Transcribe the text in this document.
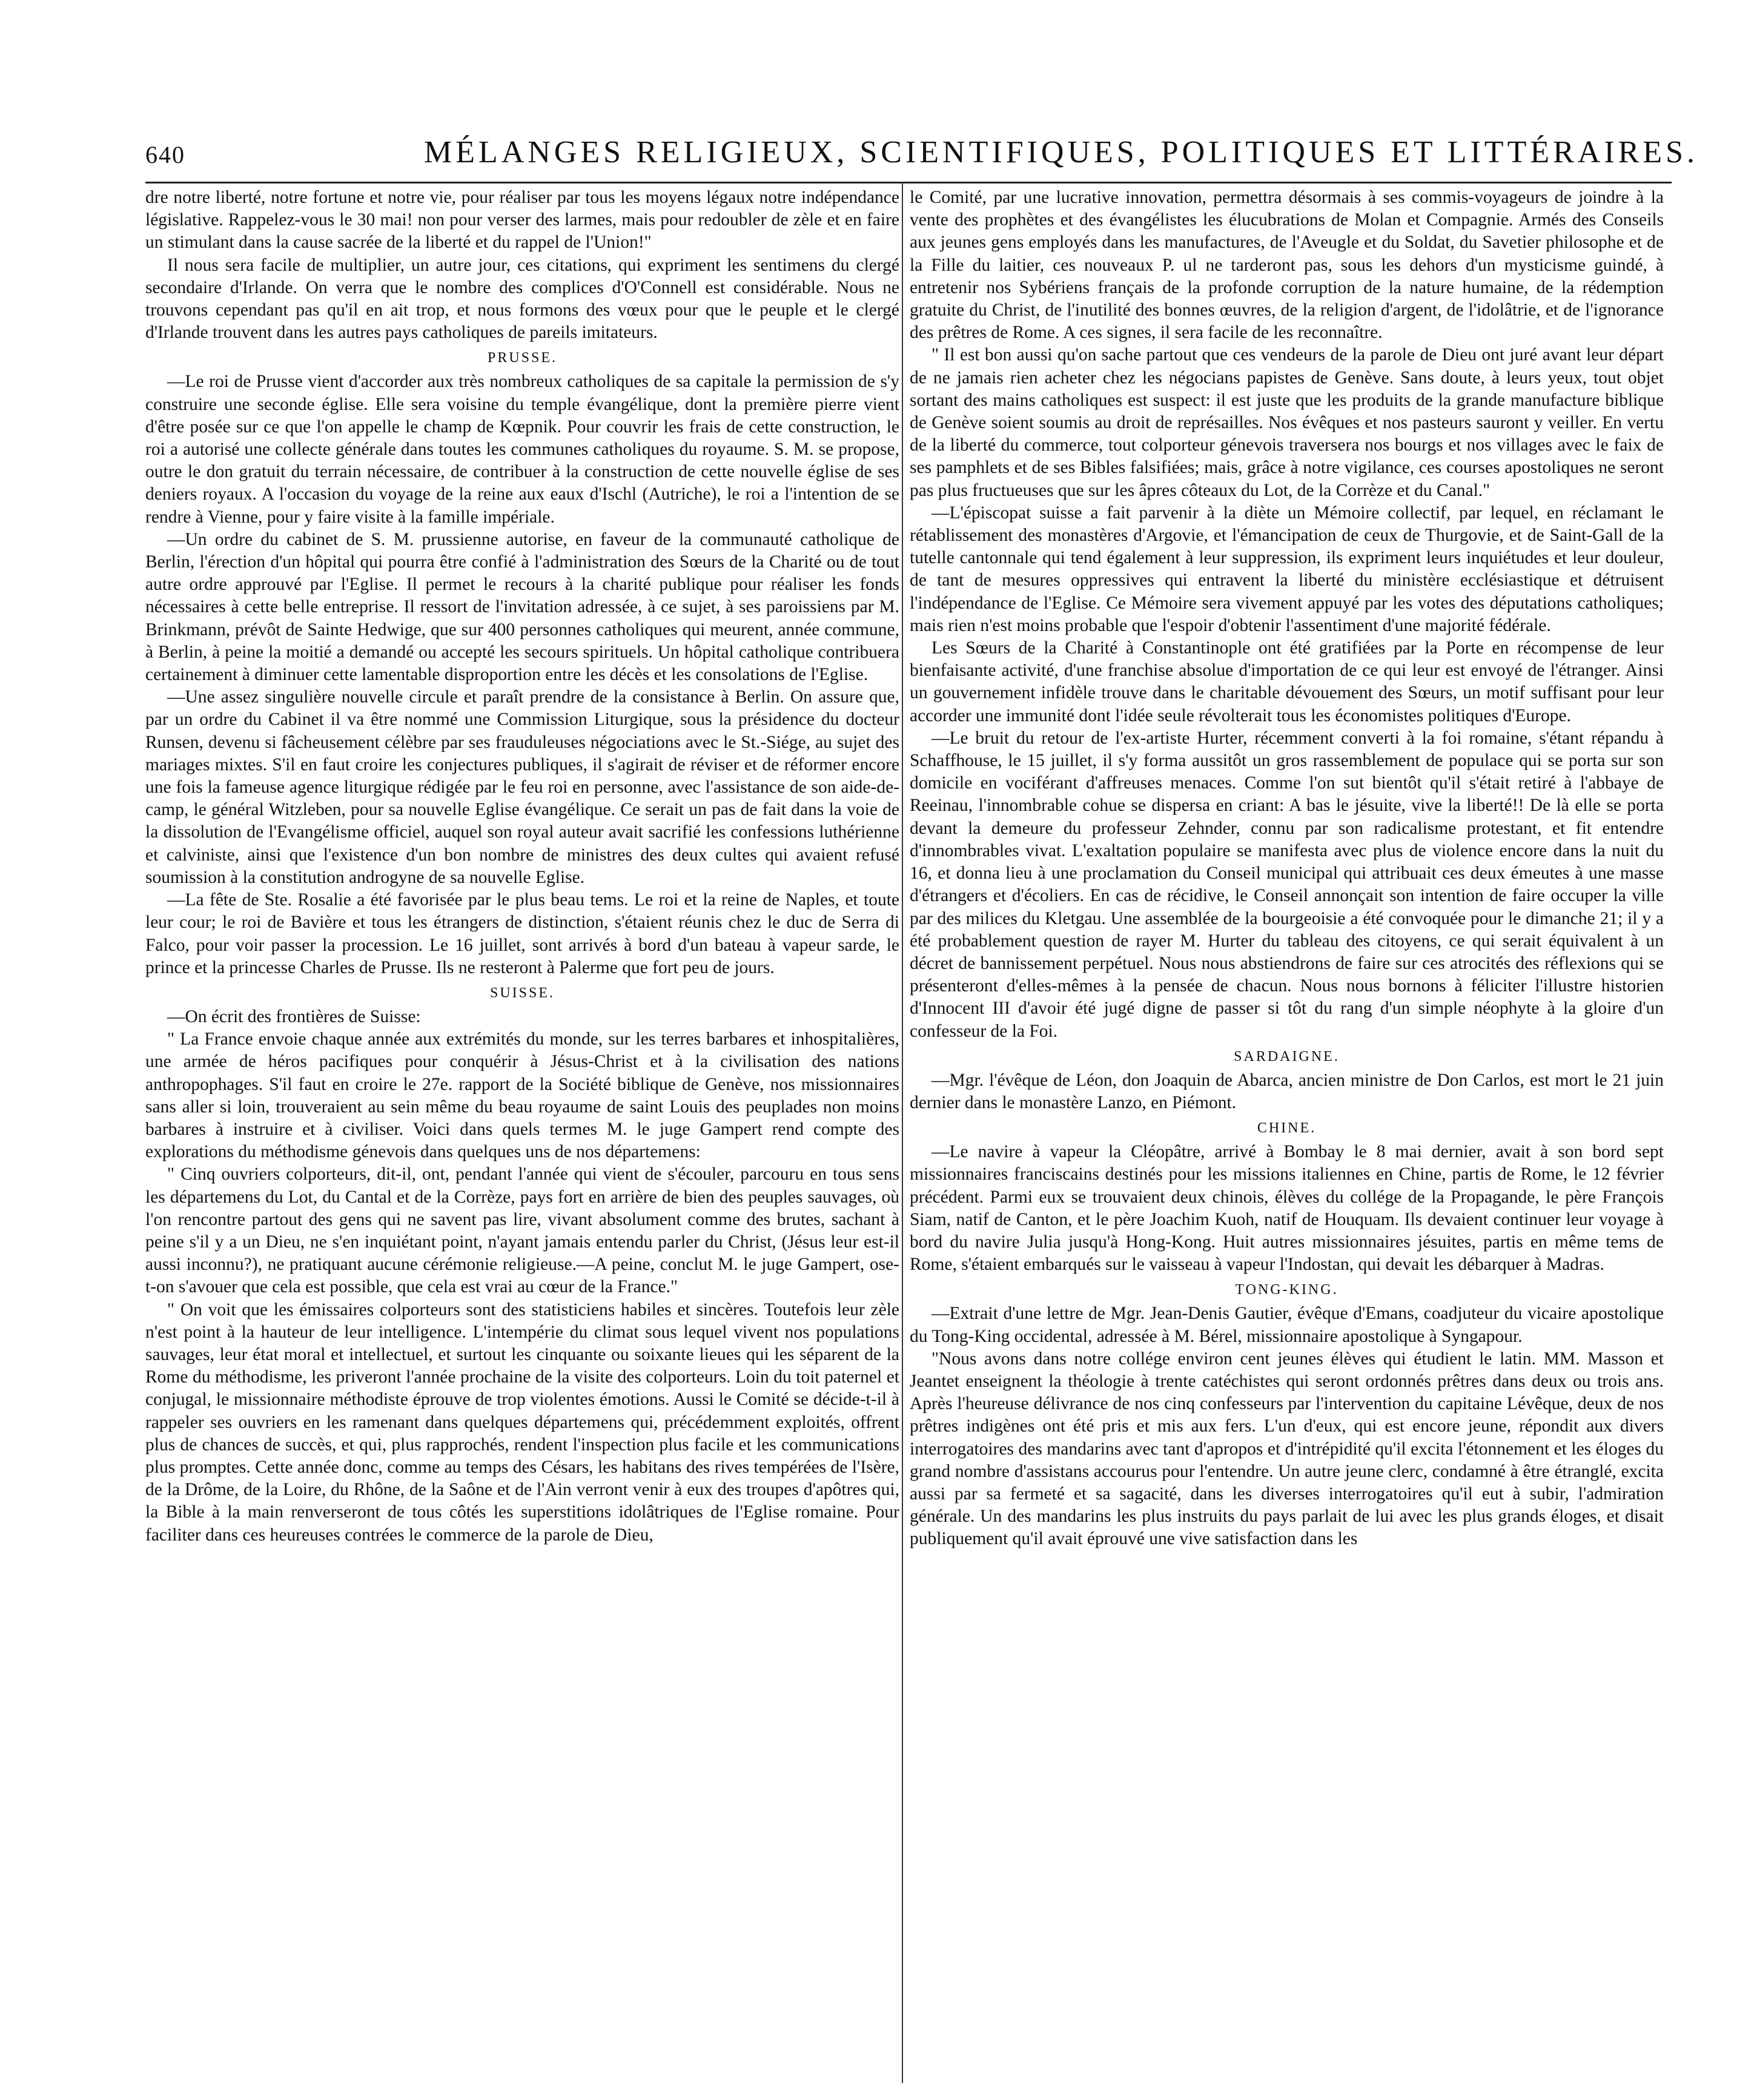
640	MÉLANGES RELIGIEUX, SCIENTIFIQUES, POLITIQUES ET LITTÉRAIRES.

dre notre liberté, notre fortune et notre vie, pour réaliser par tous les moyens légaux notre indépendance législative. Rappelez-vous le 30 mai! non pour verser des larmes, mais pour redoubler de zèle et en faire un stimulant dans la cause sacrée de la liberté et du rappel de l'Union!"

Il nous sera facile de multiplier, un autre jour, ces citations, qui expriment les sentimens du clergé secondaire d'Irlande. On verra que le nombre des complices d'O'Connell est considérable. Nous ne trouvons cependant pas qu'il en ait trop, et nous formons des vœux pour que le peuple et le clergé d'Irlande trouvent dans les autres pays catholiques de pareils imitateurs.

PRUSSE.

—Le roi de Prusse vient d'accorder aux très nombreux catholiques de sa capitale la permission de s'y construire une seconde église. Elle sera voisine du temple évangélique, dont la première pierre vient d'être posée sur ce que l'on appelle le champ de Kœpnik. Pour couvrir les frais de cette construction, le roi a autorisé une collecte générale dans toutes les communes catholiques du royaume. S. M. se propose, outre le don gratuit du terrain nécessaire, de contribuer à la construction de cette nouvelle église de ses deniers royaux. A l'occasion du voyage de la reine aux eaux d'Ischl (Autriche), le roi a l'intention de se rendre à Vienne, pour y faire visite à la famille impériale.

—Un ordre du cabinet de S. M. prussienne autorise, en faveur de la communauté catholique de Berlin, l'érection d'un hôpital qui pourra être confié à l'administration des Sœurs de la Charité ou de tout autre ordre approuvé par l'Eglise. Il permet le recours à la charité publique pour réaliser les fonds nécessaires à cette belle entreprise. Il ressort de l'invitation adressée, à ce sujet, à ses paroissiens par M. Brinkmann, prévôt de Sainte Hedwige, que sur 400 personnes catholiques qui meurent, année commune, à Berlin, à peine la moitié a demandé ou accepté les secours spirituels. Un hôpital catholique contribuera certainement à diminuer cette lamentable disproportion entre les décès et les consolations de l'Eglise.

—Une assez singulière nouvelle circule et paraît prendre de la consistance à Berlin. On assure que, par un ordre du Cabinet il va être nommé une Commission Liturgique, sous la présidence du docteur Runsen, devenu si fâcheusement célèbre par ses frauduleuses négociations avec le St.-Siége, au sujet des mariages mixtes. S'il en faut croire les conjectures publiques, il s'agirait de réviser et de réformer encore une fois la fameuse agence liturgique rédigée par le feu roi en personne, avec l'assistance de son aide-de-camp, le général Witzleben, pour sa nouvelle Eglise évangélique. Ce serait un pas de fait dans la voie de la dissolution de l'Evangélisme officiel, auquel son royal auteur avait sacrifié les confessions luthérienne et calviniste, ainsi que l'existence d'un bon nombre de ministres des deux cultes qui avaient refusé soumission à la constitution androgyne de sa nouvelle Eglise.

—La fête de Ste. Rosalie a été favorisée par le plus beau tems. Le roi et la reine de Naples, et toute leur cour; le roi de Bavière et tous les étrangers de distinction, s'étaient réunis chez le duc de Serra di Falco, pour voir passer la procession. Le 16 juillet, sont arrivés à bord d'un bateau à vapeur sarde, le prince et la princesse Charles de Prusse. Ils ne resteront à Palerme que fort peu de jours.

SUISSE.

—On écrit des frontières de Suisse:

" La France envoie chaque année aux extrémités du monde, sur les terres barbares et inhospitalières, une armée de héros pacifiques pour conquérir à Jésus-Christ et à la civilisation des nations anthropophages. S'il faut en croire le 27e. rapport de la Société biblique de Genève, nos missionnaires sans aller si loin, trouveraient au sein même du beau royaume de saint Louis des peuplades non moins barbares à instruire et à civiliser. Voici dans quels termes M. le juge Gampert rend compte des explorations du méthodisme génevois dans quelques uns de nos départemens:

" Cinq ouvriers colporteurs, dit-il, ont, pendant l'année qui vient de s'écouler, parcouru en tous sens les départemens du Lot, du Cantal et de la Corrèze, pays fort en arrière de bien des peuples sauvages, où l'on rencontre partout des gens qui ne savent pas lire, vivant absolument comme des brutes, sachant à peine s'il y a un Dieu, ne s'en inquiétant point, n'ayant jamais entendu parler du Christ, (Jésus leur est-il aussi inconnu?), ne pratiquant aucune cérémonie religieuse.—A peine, conclut M. le juge Gampert, ose-t-on s'avouer que cela est possible, que cela est vrai au cœur de la France."

" On voit que les émissaires colporteurs sont des statisticiens habiles et sincères. Toutefois leur zèle n'est point à la hauteur de leur intelligence. L'intempérie du climat sous lequel vivent nos populations sauvages, leur état moral et intellectuel, et surtout les cinquante ou soixante lieues qui les séparent de la Rome du méthodisme, les priveront l'année prochaine de la visite des colporteurs. Loin du toit paternel et conjugal, le missionnaire méthodiste éprouve de trop violentes émotions. Aussi le Comité se décide-t-il à rappeler ses ouvriers en les ramenant dans quelques départemens qui, précédemment exploités, offrent plus de chances de succès, et qui, plus rapprochés, rendent l'inspection plus facile et les communications plus promptes. Cette année donc, comme au temps des Césars, les habitans des rives tempérées de l'Isère, de la Drôme, de la Loire, du Rhône, de la Saône et de l'Ain verront venir à eux des troupes d'apôtres qui, la Bible à la main renverseront de tous côtés les superstitions idolâtriques de l'Eglise romaine. Pour faciliter dans ces heureuses contrées le commerce de la parole de Dieu,

le Comité, par une lucrative innovation, permettra désormais à ses commis-voyageurs de joindre à la vente des prophètes et des évangélistes les élucubrations de Molan et Compagnie. Armés des Conseils aux jeunes gens employés dans les manufactures, de l'Aveugle et du Soldat, du Savetier philosophe et de la Fille du laitier, ces nouveaux P. ul ne tarderont pas, sous les dehors d'un mysticisme guindé, à entretenir nos Sybériens français de la profonde corruption de la nature humaine, de la rédemption gratuite du Christ, de l'inutilité des bonnes œuvres, de la religion d'argent, de l'idolâtrie, et de l'ignorance des prêtres de Rome. A ces signes, il sera facile de les reconnaître.

" Il est bon aussi qu'on sache partout que ces vendeurs de la parole de Dieu ont juré avant leur départ de ne jamais rien acheter chez les négocians papistes de Genève. Sans doute, à leurs yeux, tout objet sortant des mains catholiques est suspect: il est juste que les produits de la grande manufacture biblique de Genève soient soumis au droit de représailles. Nos évêques et nos pasteurs sauront y veiller. En vertu de la liberté du commerce, tout colporteur génevois traversera nos bourgs et nos villages avec le faix de ses pamphlets et de ses Bibles falsifiées; mais, grâce à notre vigilance, ces courses apostoliques ne seront pas plus fructueuses que sur les âpres côteaux du Lot, de la Corrèze et du Canal."

—L'épiscopat suisse a fait parvenir à la diète un Mémoire collectif, par lequel, en réclamant le rétablissement des monastères d'Argovie, et l'émancipation de ceux de Thurgovie, et de Saint-Gall de la tutelle cantonnale qui tend également à leur suppression, ils expriment leurs inquiétudes et leur douleur, de tant de mesures oppressives qui entravent la liberté du ministère ecclésiastique et détruisent l'indépendance de l'Eglise. Ce Mémoire sera vivement appuyé par les votes des députations catholiques; mais rien n'est moins probable que l'espoir d'obtenir l'assentiment d'une majorité fédérale.

Les Sœurs de la Charité à Constantinople ont été gratifiées par la Porte en récompense de leur bienfaisante activité, d'une franchise absolue d'importation de ce qui leur est envoyé de l'étranger. Ainsi un gouvernement infidèle trouve dans le charitable dévouement des Sœurs, un motif suffisant pour leur accorder une immunité dont l'idée seule révolterait tous les économistes politiques d'Europe.

—Le bruit du retour de l'ex-artiste Hurter, récemment converti à la foi romaine, s'étant répandu à Schaffhouse, le 15 juillet, il s'y forma aussitôt un gros rassemblement de populace qui se porta sur son domicile en vociférant d'affreuses menaces. Comme l'on sut bientôt qu'il s'était retiré à l'abbaye de Reeinau, l'innombrable cohue se dispersa en criant: A bas le jésuite, vive la liberté!! De là elle se porta devant la demeure du professeur Zehnder, connu par son radicalisme protestant, et fit entendre d'innombrables vivat. L'exaltation populaire se manifesta avec plus de violence encore dans la nuit du 16, et donna lieu à une proclamation du Conseil municipal qui attribuait ces deux émeutes à une masse d'étrangers et d'écoliers. En cas de récidive, le Conseil annonçait son intention de faire occuper la ville par des milices du Kletgau. Une assemblée de la bourgeoisie a été convoquée pour le dimanche 21; il y a été probablement question de rayer M. Hurter du tableau des citoyens, ce qui serait équivalent à un décret de bannissement perpétuel. Nous nous abstiendrons de faire sur ces atrocités des réflexions qui se présenteront d'elles-mêmes à la pensée de chacun. Nous nous bornons à féliciter l'illustre historien d'Innocent III d'avoir été jugé digne de passer si tôt du rang d'un simple néophyte à la gloire d'un confesseur de la Foi.

SARDAIGNE.

—Mgr. l'évêque de Léon, don Joaquin de Abarca, ancien ministre de Don Carlos, est mort le 21 juin dernier dans le monastère Lanzo, en Piémont.

CHINE.

—Le navire à vapeur la Cléopâtre, arrivé à Bombay le 8 mai dernier, avait à son bord sept missionnaires franciscains destinés pour les missions italiennes en Chine, partis de Rome, le 12 février précédent. Parmi eux se trouvaient deux chinois, élèves du collége de la Propagande, le père François Siam, natif de Canton, et le père Joachim Kuoh, natif de Houquam. Ils devaient continuer leur voyage à bord du navire Julia jusqu'à Hong-Kong. Huit autres missionnaires jésuites, partis en même tems de Rome, s'étaient embarqués sur le vaisseau à vapeur l'Indostan, qui devait les débarquer à Madras.

TONG-KING.

—Extrait d'une lettre de Mgr. Jean-Denis Gautier, évêque d'Emans, coadjuteur du vicaire apostolique du Tong-King occidental, adressée à M. Bérel, missionnaire apostolique à Syngapour.

"Nous avons dans notre collége environ cent jeunes élèves qui étudient le latin. MM. Masson et Jeantet enseignent la théologie à trente catéchistes qui seront ordonnés prêtres dans deux ou trois ans. Après l'heureuse délivrance de nos cinq confesseurs par l'intervention du capitaine Lévêque, deux de nos prêtres indigènes ont été pris et mis aux fers. L'un d'eux, qui est encore jeune, répondit aux divers interrogatoires des mandarins avec tant d'apropos et d'intrépidité qu'il excita l'étonnement et les éloges du grand nombre d'assistans accourus pour l'entendre. Un autre jeune clerc, condamné à être étranglé, excita aussi par sa fermeté et sa sagacité, dans les diverses interrogatoires qu'il eut à subir, l'admiration générale. Un des mandarins les plus instruits du pays parlait de lui avec les plus grands éloges, et disait publiquement qu'il avait éprouvé une vive satisfaction dans les
